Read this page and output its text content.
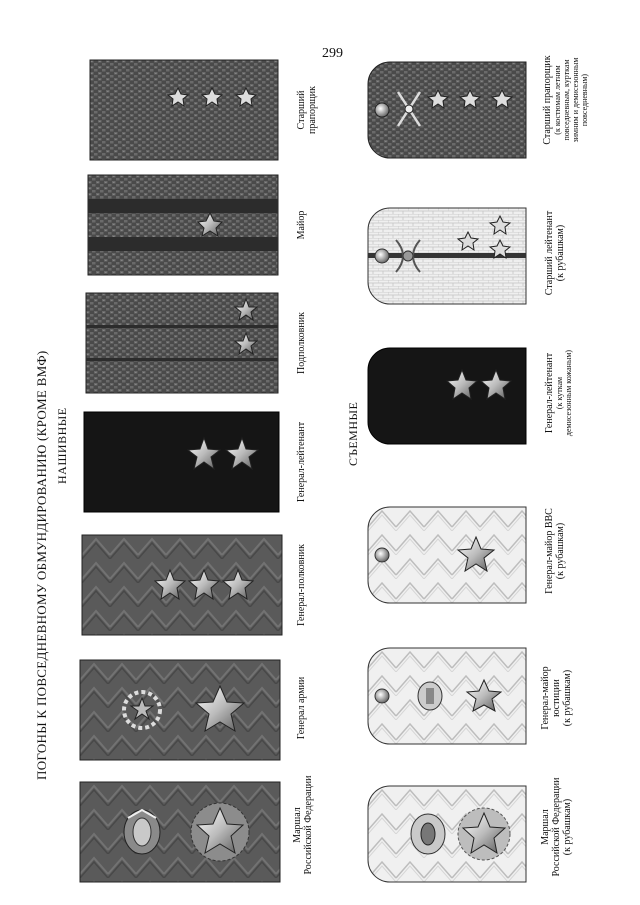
299
ПОГОНЫ К ПОВСЕДНЕВНОМУ ОБМУНДИРОВАНИЮ (КРОМЕ ВМФ) НАШИВНЫЕ	СЪЕМНЫЕ
Маршал Российской Федерации
Генерал армии
Генерал-полковник
Генерал-лейтенант
Подполковник
Майор
Старший прапорщик
Маршал Российской Федерации (к рубашкам)
Генерал-майор юстиции (к рубашкам)
Генерал-майор ВВС (к рубашкам)
Генерал-лейтенант (к куткам демисезонным кожаным)
Старший лейтенант (к рубашкам)
Старший прапорщик (к костюмам летним повседневным, курткам зимним и демисезонным повседневным)
